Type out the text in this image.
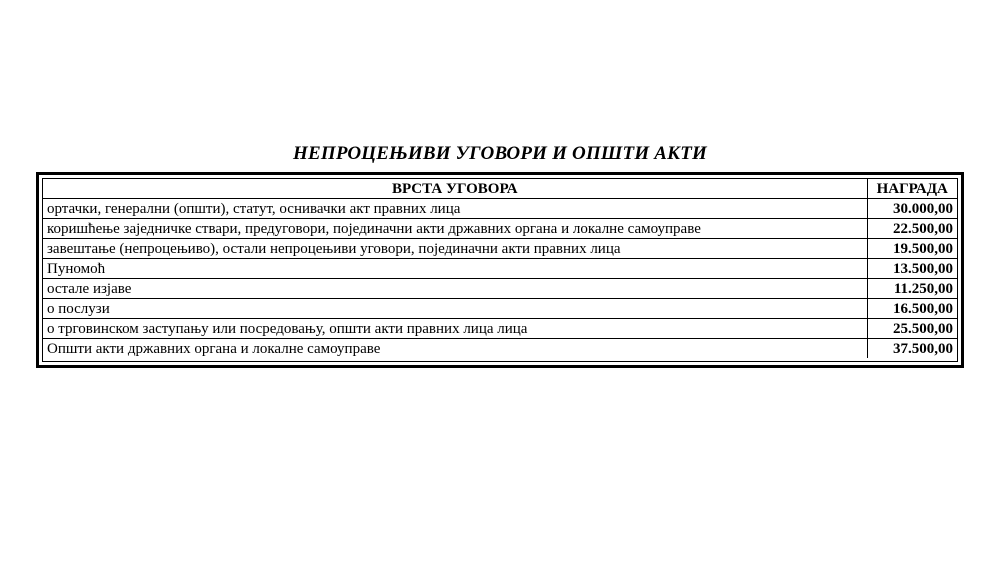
НЕПРОЦЕЊИВИ УГОВОРИ И ОПШТИ АКТИ
ВРСТА УГОВОРА	НАГРАДА
ортачки, генерални (општи), статут, оснивачки акт правних лица	30.000,00
коришћење заједничке ствари, предуговори, појединачни акти државних органа и локалне самоуправе	22.500,00
завештање (непроцењиво), остали непроцењиви уговори, појединачни акти правних лица	19.500,00
Пуномоћ	13.500,00
остале изјаве	11.250,00
о послузи	16.500,00
о трговинском заступању или посредовању, општи акти правних лица лица	25.500,00
Општи акти државних органа и локалне самоуправе	37.500,00
